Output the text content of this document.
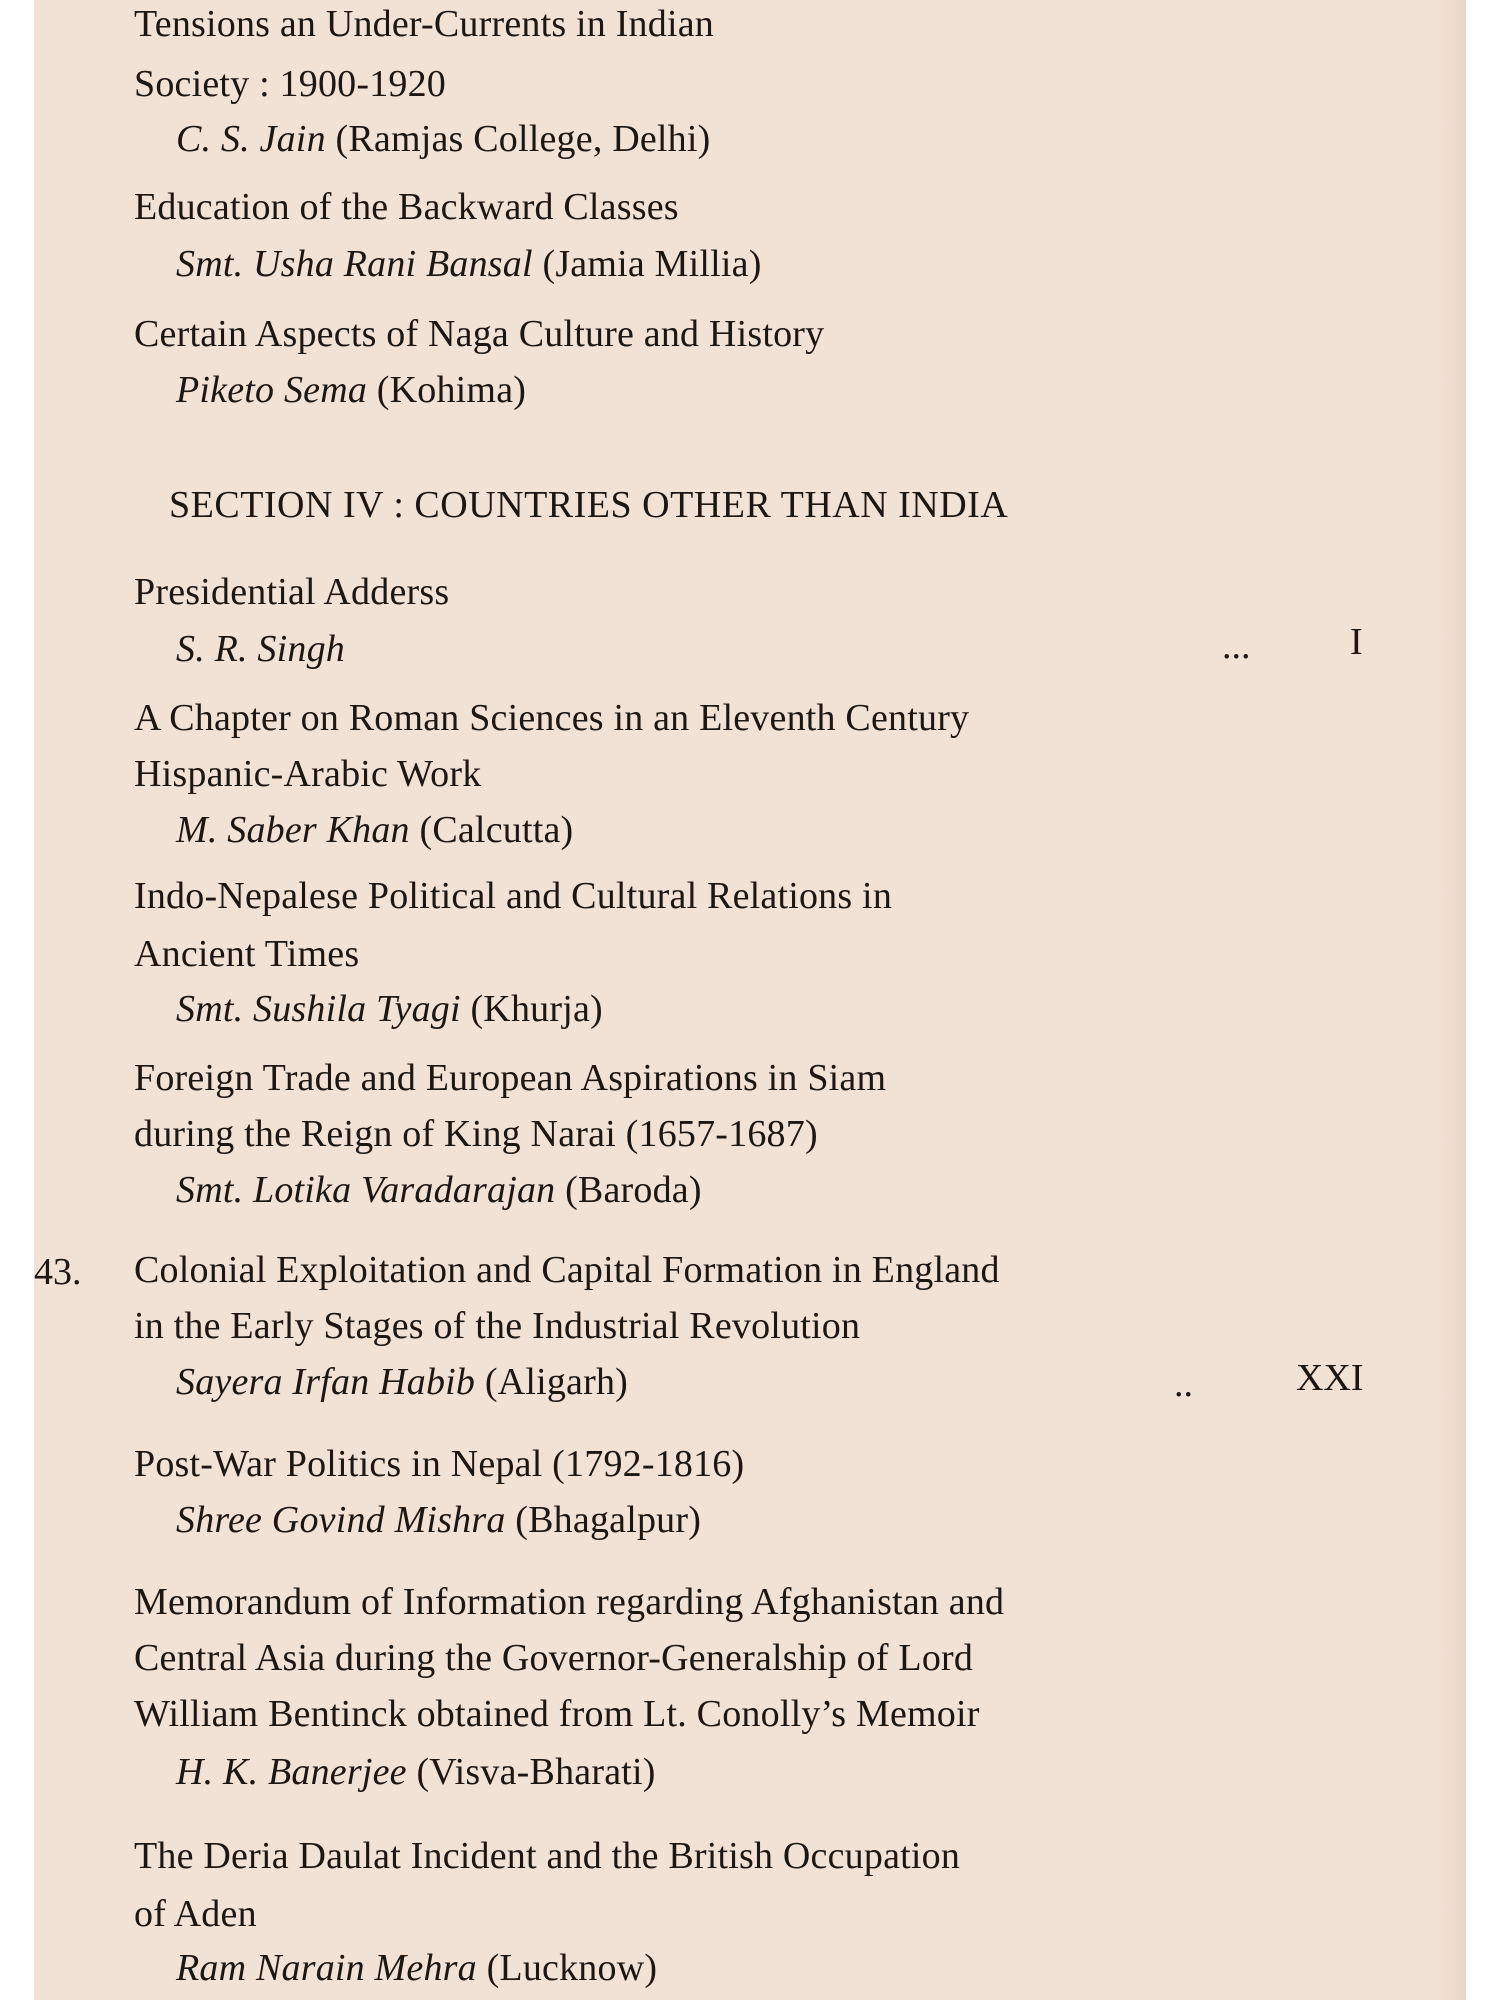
Tensions an Under-Currents in Indian
Society : 1900-1920
C. S. Jain (Ramjas College, Delhi)
Education of the Backward Classes
Smt. Usha Rani Bansal (Jamia Millia)
Certain Aspects of Naga Culture and History
Piketo Sema (Kohima)
SECTION IV : COUNTRIES OTHER THAN INDIA
Presidential Adderss
S. R. Singh	...	I
A Chapter on Roman Sciences in an Eleventh Century
Hispanic-Arabic Work
M. Saber Khan (Calcutta)
Indo-Nepalese Political and Cultural Relations in
Ancient Times
Smt. Sushila Tyagi (Khurja)
Foreign Trade and European Aspirations in Siam
during the Reign of King Narai (1657-1687)
Smt. Lotika Varadarajan (Baroda)
43. Colonial Exploitation and Capital Formation in England
in the Early Stages of the Industrial Revolution
Sayera Irfan Habib (Aligarh)	..	XXI
Post-War Politics in Nepal (1792-1816)
Shree Govind Mishra (Bhagalpur)
Memorandum of Information regarding Afghanistan and
Central Asia during the Governor-Generalship of Lord
William Bentinck obtained from Lt. Conolly’s Memoir
H. K. Banerjee (Visva-Bharati)
The Deria Daulat Incident and the British Occupation
of Aden
Ram Narain Mehra (Lucknow)
